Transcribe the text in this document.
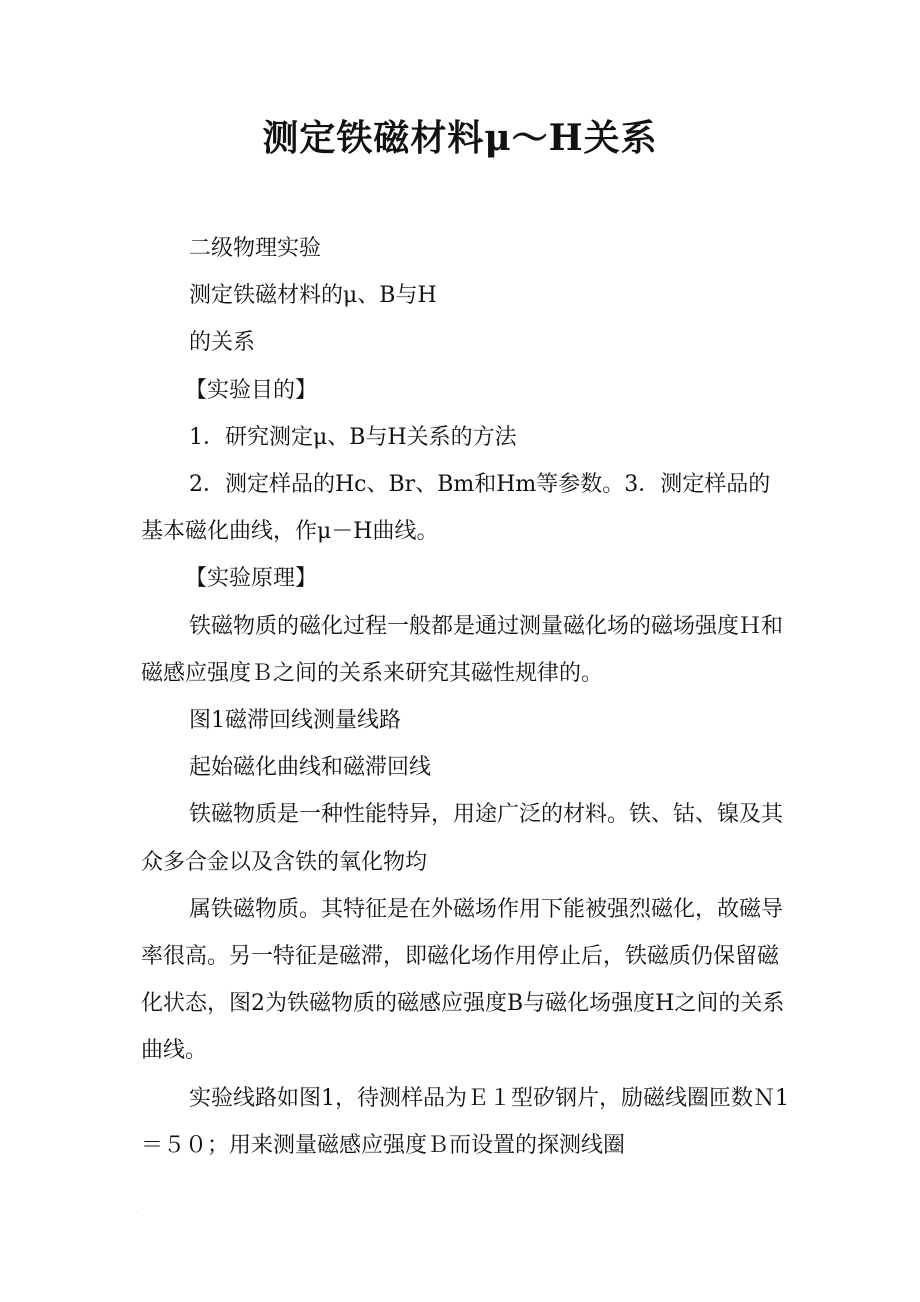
测定铁磁材料μ～H关系

二级物理实验

测定铁磁材料的μ、B与H

的关系

【实验目的】

1．研究测定μ、B与H关系的方法

2．测定样品的Hc、Br、Bm和Hm等参数。3．测定样品的基本磁化曲线，作μ－H曲线。

【实验原理】

铁磁物质的磁化过程一般都是通过测量磁化场的磁场强度Ｈ和磁感应强度Ｂ之间的关系来研究其磁性规律的。

图1磁滞回线测量线路

起始磁化曲线和磁滞回线

铁磁物质是一种性能特异，用途广泛的材料。铁、钴、镍及其众多合金以及含铁的氧化物均

属铁磁物质。其特征是在外磁场作用下能被强烈磁化，故磁导率很高。另一特征是磁滞，即磁化场作用停止后，铁磁质仍保留磁化状态，图2为铁磁物质的磁感应强度B与磁化场强度H之间的关系曲线。

实验线路如图1，待测样品为Ｅ１型矽钢片，励磁线圈匝数Ｎ1＝５０；用来测量磁感应强度Ｂ而设置的探测线圈

.
